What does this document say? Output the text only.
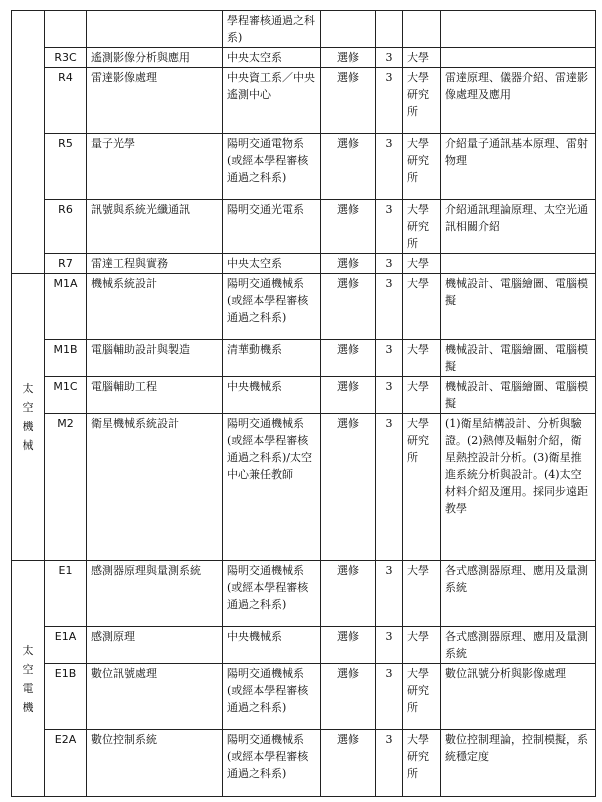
			學程審核通過之科系)				
	R3C	遙測影像分析與應用	中央太空系	選修	3	大學	
	R4	雷達影像處理	中央資工系／中央遙測中心	選修	3	大學研究所	雷達原理、儀器介紹、雷達影像處理及應用
	R5	量子光學	陽明交通電物系(或經本學程審核通過之科系)	選修	3	大學研究所	介紹量子通訊基本原理、雷射物理
	R6	訊號與系統光纖通訊	陽明交通光電系	選修	3	大學研究所	介紹通訊理論原理、太空光通訊相關介紹
	R7	雷達工程與實務	中央太空系	選修	3	大學	
太空機械	M1A	機械系統設計	陽明交通機械系(或經本學程審核通過之科系)	選修	3	大學	機械設計、電腦繪圖、電腦模擬
	M1B	電腦輔助設計與製造	清華動機系	選修	3	大學	機械設計、電腦繪圖、電腦模擬
	M1C	電腦輔助工程	中央機械系	選修	3	大學	機械設計、電腦繪圖、電腦模擬
	M2	衛星機械系統設計	陽明交通機械系(或經本學程審核通過之科系)/太空中心兼任教師	選修	3	大學研究所	(1)衛星結構設計、分析與驗證。(2)熱傳及輻射介紹，衛星熱控設計分析。(3)衛星推進系統分析與設計。(4)太空材料介紹及運用。採同步遠距教學
太空電機	E1	感測器原理與量測系統	陽明交通機械系(或經本學程審核通過之科系)	選修	3	大學	各式感測器原理、應用及量測系統
	E1A	感測原理	中央機械系	選修	3	大學	各式感測器原理、應用及量測系統
	E1B	數位訊號處理	陽明交通機械系(或經本學程審核通過之科系)	選修	3	大學研究所	數位訊號分析與影像處理
	E2A	數位控制系統	陽明交通機械系(或經本學程審核通過之科系)	選修	3	大學研究所	數位控制理論，控制模擬，系統穩定度
